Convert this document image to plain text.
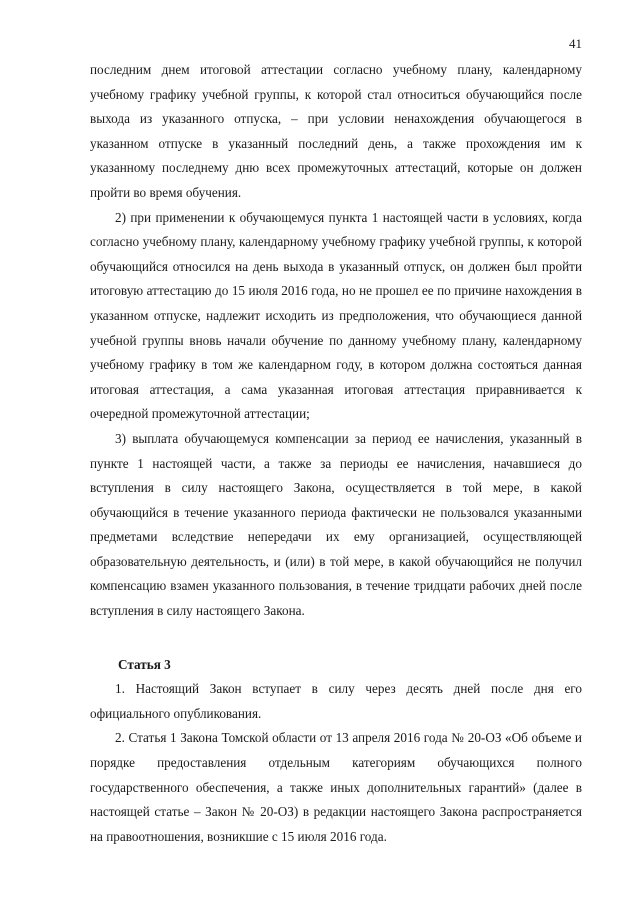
41

последним днем итоговой аттестации согласно учебному плану, календарному учебному графику учебной группы, к которой стал относиться обучающийся после выхода из указанного отпуска, – при условии ненахождения обучающегося в указанном отпуске в указанный последний день, а также прохождения им к указанному последнему дню всех промежуточных аттестаций, которые он должен пройти во время обучения.

2) при применении к обучающемуся пункта 1 настоящей части в условиях, когда согласно учебному плану, календарному учебному графику учебной группы, к которой обучающийся относился на день выхода в указанный отпуск, он должен был пройти итоговую аттестацию до 15 июля 2016 года, но не прошел ее по причине нахождения в указанном отпуске, надлежит исходить из предположения, что обучающиеся данной учебной группы вновь начали обучение по данному учебному плану, календарному учебному графику в том же календарном году, в котором должна состояться данная итоговая аттестация, а сама указанная итоговая аттестация приравнивается к очередной промежуточной аттестации;

3) выплата обучающемуся компенсации за период ее начисления, указанный в пункте 1 настоящей части, а также за периоды ее начисления, начавшиеся до вступления в силу настоящего Закона, осуществляется в той мере, в какой обучающийся в течение указанного периода фактически не пользовался указанными предметами вследствие непередачи их ему организацией, осуществляющей образовательную деятельность, и (или) в той мере, в какой обучающийся не получил компенсацию взамен указанного пользования, в течение тридцати рабочих дней после вступления в силу настоящего Закона.

Статья 3

1. Настоящий Закон вступает в силу через десять дней после дня его официального опубликования.

2. Статья 1 Закона Томской области от 13 апреля 2016 года № 20-ОЗ «Об объеме и порядке предоставления отдельным категориям обучающихся полного государственного обеспечения, а также иных дополнительных гарантий» (далее в настоящей статье – Закон № 20-ОЗ) в редакции настоящего Закона распространяется на правоотношения, возникшие с 15 июля 2016 года.
